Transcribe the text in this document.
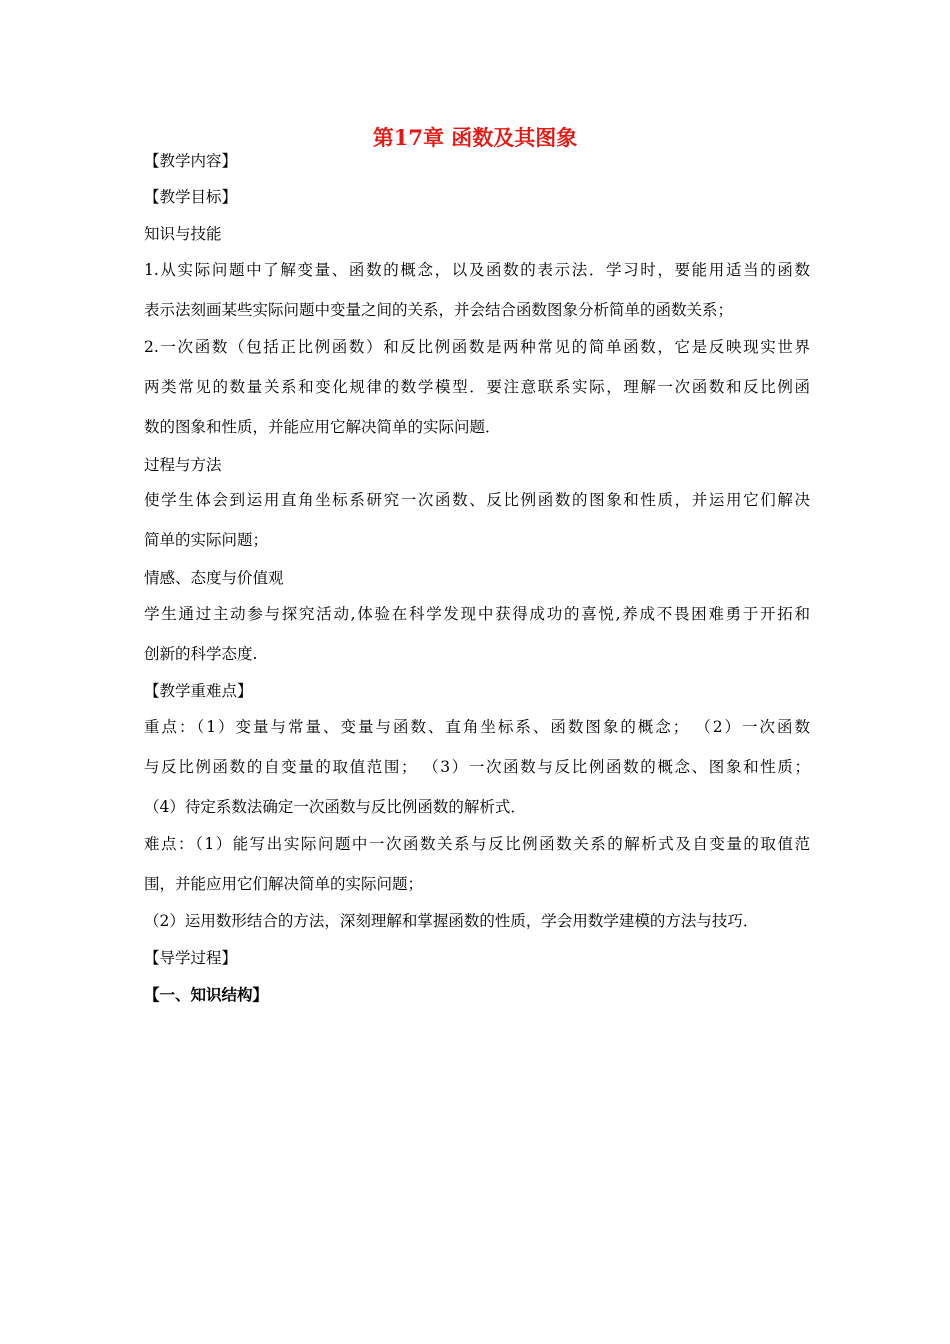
第17章 函数及其图象
【教学内容】
【教学目标】
知识与技能
1.从实际问题中了解变量、函数的概念，以及函数的表示法．学习时，要能用适当的函数
表示法刻画某些实际问题中变量之间的关系，并会结合函数图象分析简单的函数关系；
2.一次函数（包括正比例函数）和反比例函数是两种常见的简单函数，它是反映现实世界
两类常见的数量关系和变化规律的数学模型．要注意联系实际，理解一次函数和反比例函
数的图象和性质，并能应用它解决简单的实际问题．
过程与方法
使学生体会到运用直角坐标系研究一次函数、反比例函数的图象和性质，并运用它们解决
简单的实际问题；
情感、态度与价值观
学生通过主动参与探究活动,体验在科学发现中获得成功的喜悦,养成不畏困难勇于开拓和
创新的科学态度.
【教学重难点】
重点：（1）变量与常量、变量与函数、直角坐标系、函数图象的概念； （2）一次函数
与反比例函数的自变量的取值范围； （3）一次函数与反比例函数的概念、图象和性质；
（4）待定系数法确定一次函数与反比例函数的解析式．
难点：（1）能写出实际问题中一次函数关系与反比例函数关系的解析式及自变量的取值范
围，并能应用它们解决简单的实际问题；
（2）运用数形结合的方法，深刻理解和掌握函数的性质，学会用数学建模的方法与技巧．
【导学过程】
【一、知识结构】
